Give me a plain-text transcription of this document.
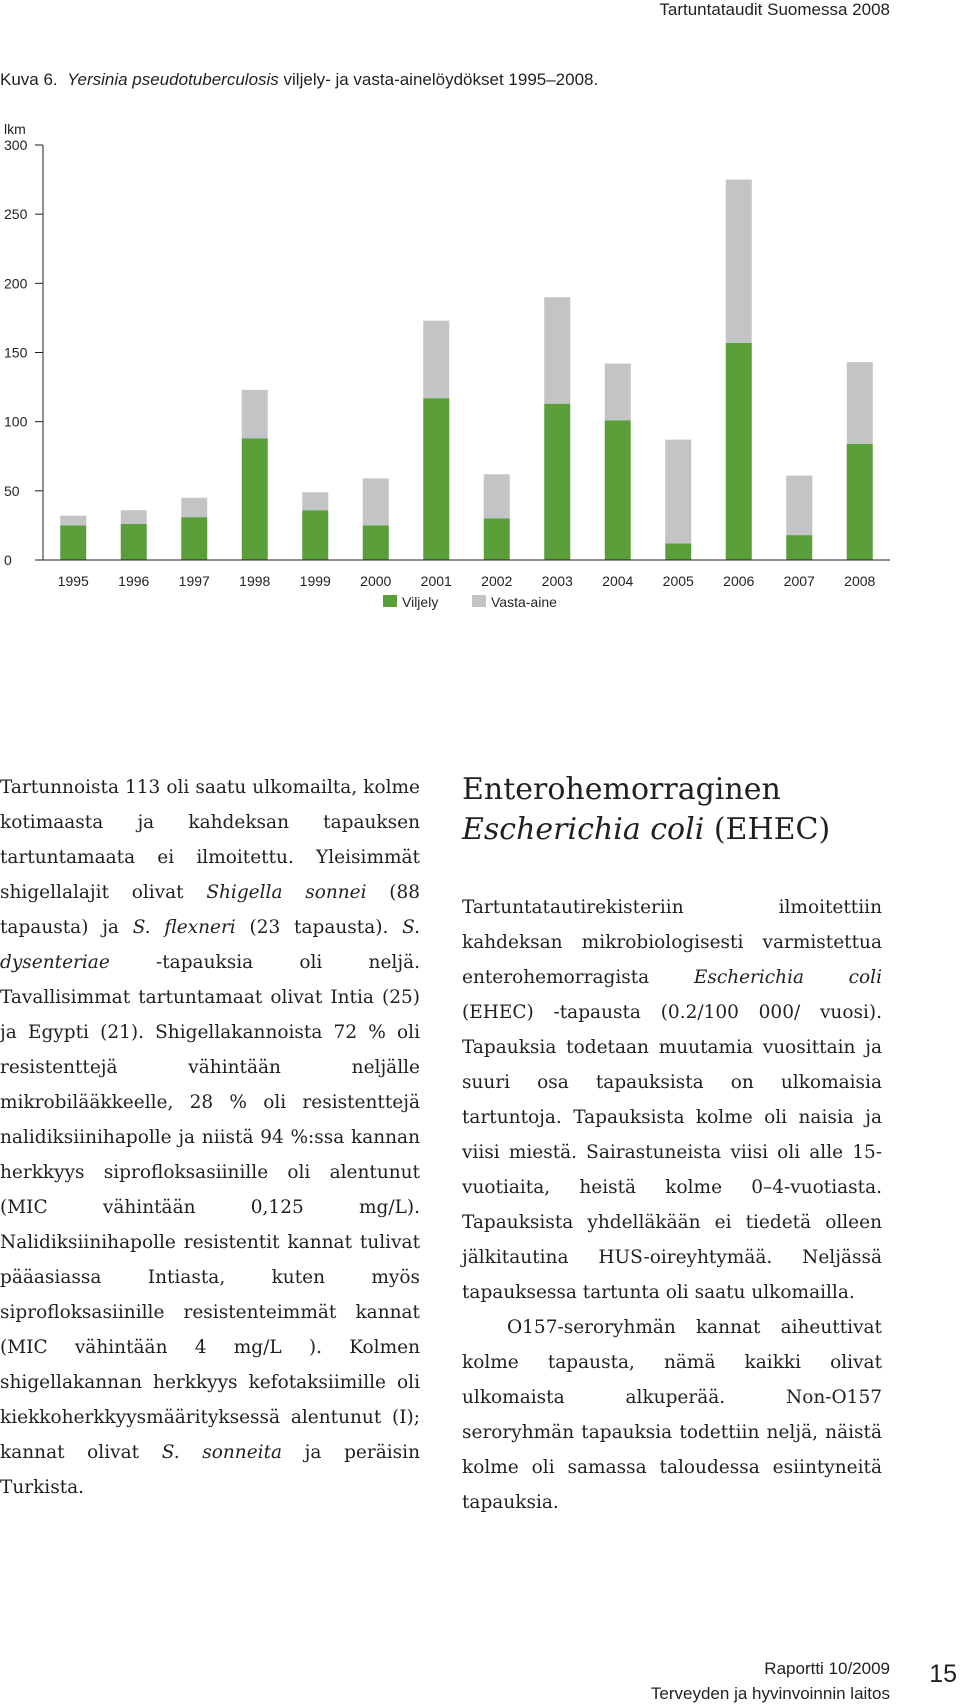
Tartuntataudit Suomessa 2008
Kuva 6. Yersinia pseudotuberculosis viljely- ja vasta-ainelöydökset 1995–2008.
lkm
0
50
100
150
200
250
300
1995 1996 1997 1998 1999 2000 2001 2002 2003 2004 2005 2006 2007 2008
Viljely	Vasta-aine

Tartunnoista 113 oli saatu ulkomailta, kolme kotimaasta ja kahdeksan tapauksen tartuntamaata ei ilmoitettu. Yleisimmät shigellalajit olivat Shigella sonnei (88 tapausta) ja S. flexneri (23 tapausta). S. dysenteriae -tapauksia oli neljä. Tavallisimmat tartuntamaat olivat Intia (25) ja Egypti (21). Shigellakannoista 72 % oli resistenttejä vähintään neljälle mikrobilääkkeelle, 28 % oli resistenttejä nalidiksiinihapolle ja niistä 94 %:ssa kannan herkkyys siprofloksasiinille oli alentunut (MIC vähintään 0,125 mg/L). Nalidiksiinihapolle resistentit kannat tulivat pääasiassa Intiasta, kuten myös siprofloksasiinille resistenteimmät kannat (MIC vähintään 4 mg/L ). Kolmen shigellakannan herkkyys kefotaksiimille oli kiekkoherkkyysmäärityksessä alentunut (I); kannat olivat S. sonneita ja peräisin Turkista.

Enterohemorraginen
Escherichia coli (EHEC)

Tartuntatautirekisteriin ilmoitettiin kahdeksan mikrobiologisesti varmistettua enterohemorragista Escherichia coli (EHEC) -tapausta (0.2/100 000/ vuosi). Tapauksia todetaan muutamia vuosittain ja suuri osa tapauksista on ulkomaisia tartuntoja. Tapauksista kolme oli naisia ja viisi miestä. Sairastuneista viisi oli alle 15-vuotiaita, heistä kolme 0–4-vuotiasta. Tapauksista yhdelläkään ei tiedetä olleen jälkitautina HUS-oireyhtymää. Neljässä tapauksessa tartunta oli saatu ulkomailla.

O157-seroryhmän kannat aiheuttivat kolme tapausta, nämä kaikki olivat ulkomaista alkuperää. Non-O157 seroryhmän tapauksia todettiin neljä, näistä kolme oli samassa taloudessa esiintyneitä tapauksia.

Raportti 10/2009
Terveyden ja hyvinvoinnin laitos
15
